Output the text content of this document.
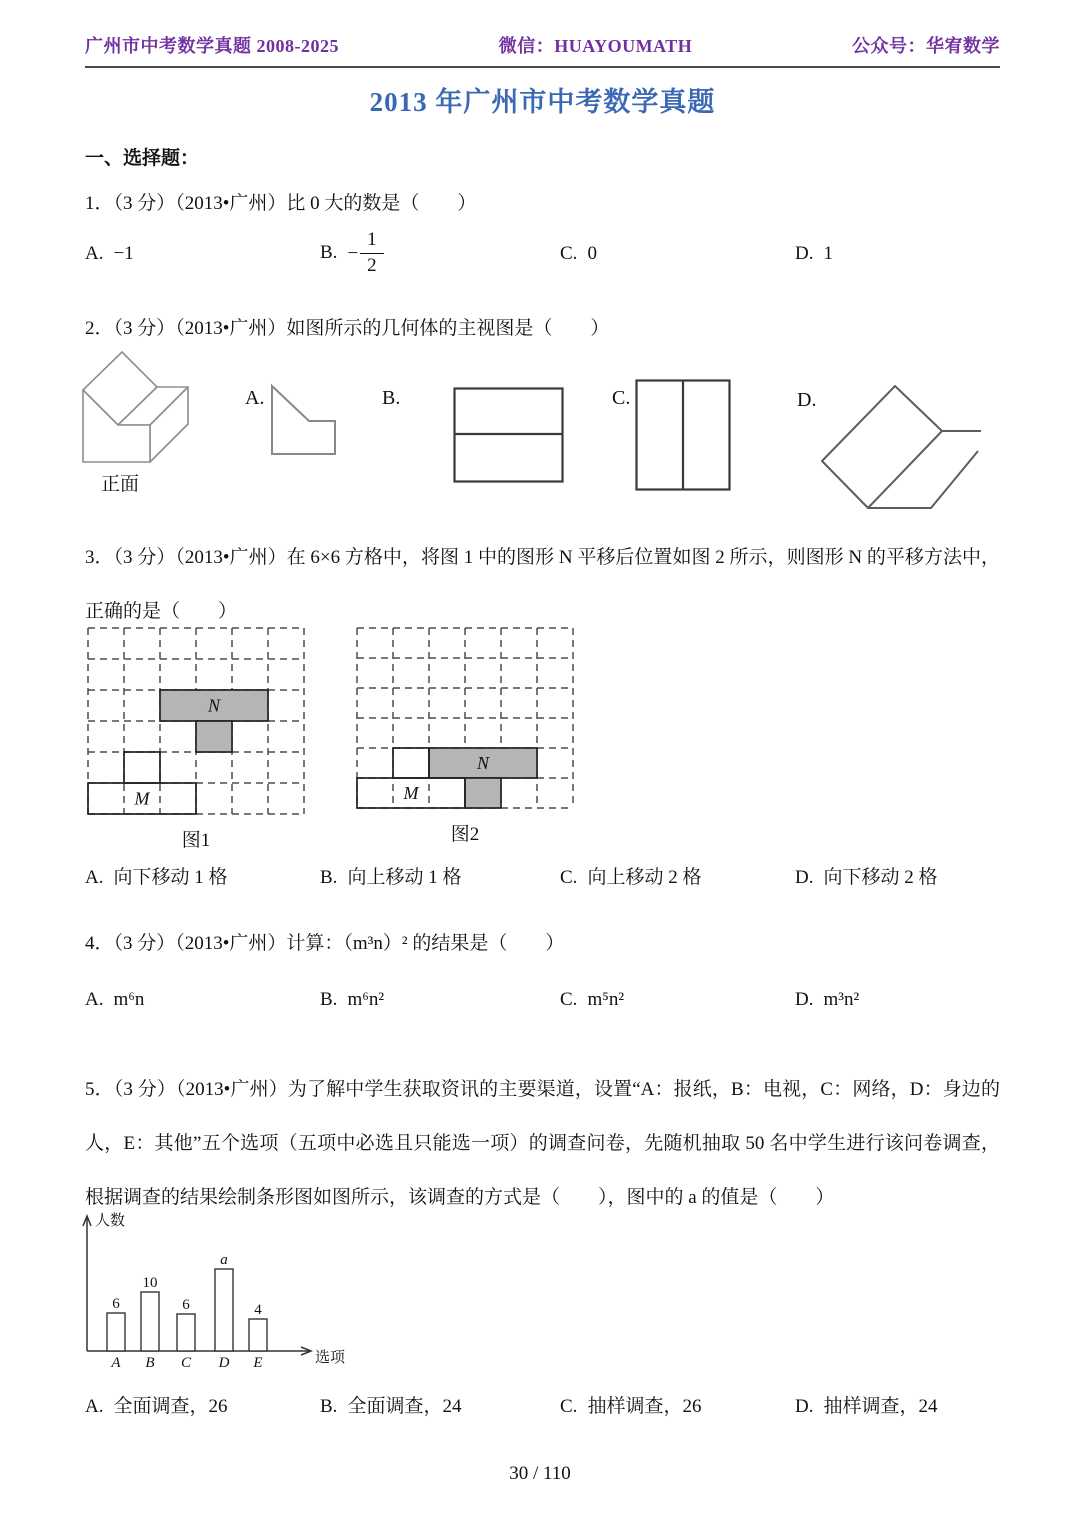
广州市中考数学真题 2008-2025	微信：HUAYOUMATH	公众号：华宥数学
2013 年广州市中考数学真题
一、选择题：

1．（3 分）（2013•广州）比 0 大的数是（　　）

A. −1	B. − $\frac{1}{2}$	C. 0	D. 1

2．（3 分）（2013•广州）如图所示的几何体的主视图是（　　）

正面
A.	B.	C.	D.

3．（3 分）（2013•广州）在 6×6 方格中，将图 1 中的图形 N 平移后位置如图 2 所示，则图形 N 的平移方法中，正确的是（　　）

N
M
图1
N
M
图2
A. 向下移动 1 格	B. 向上移动 1 格	C. 向上移动 2 格	D. 向下移动 2 格

4．（3 分）（2013•广州）计算：（m³n）² 的结果是（　　）

A. m⁶n	B. m⁶n²	C. m⁵n²	D. m³n²

5．（3 分）（2013•广州）为了解中学生获取资讯的主要渠道，设置“A：报纸，B：电视，C：网络，D：身边的人，E：其他”五个选项（五项中必选且只能选一项）的调查问卷，先随机抽取 50 名中学生进行该问卷调查，根据调查的结果绘制条形图如图所示，该调查的方式是（　　），图中的 a 的值是（　　）

人数
选项
6
A
10
B
6
C
a
D
4
E
A. 全面调查，26	B. 全面调查，24	C. 抽样调查，26	D. 抽样调查，24
30 / 110
